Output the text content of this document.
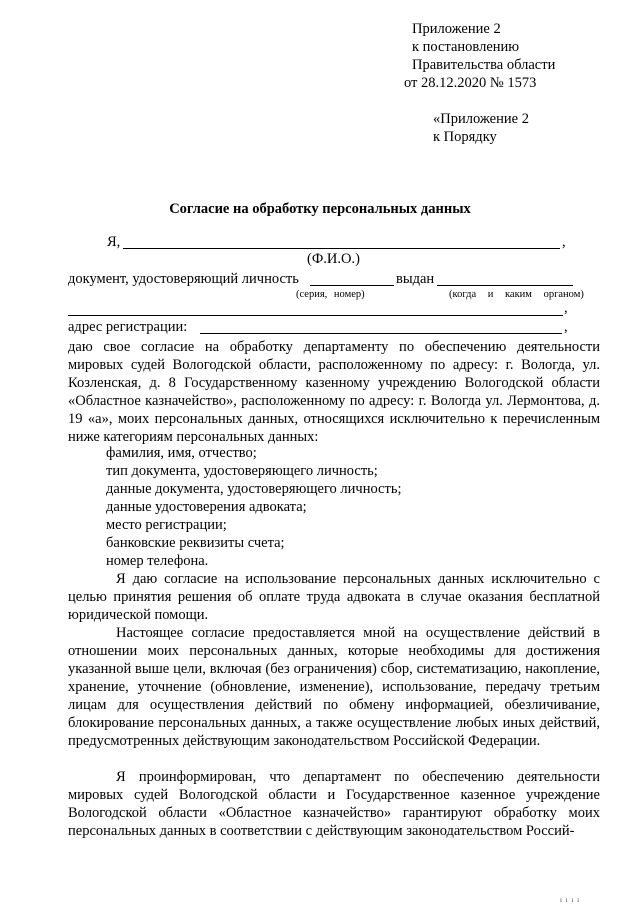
Приложение 2
к постановлению
Правительства области
от 28.12.2020 № 1573
«Приложение 2
к Порядку
Согласие на обработку персональных данных
Я,	,
(Ф.И.О.)
документ, удостоверяющий личность	выдан
(серия, номер)	(когда и каким органом)
,
адрес регистрации:	,

даю свое согласие на обработку департаменту по обеспечению деятельности мировых судей Вологодской области, расположенному по адресу: г. Вологда, ул. Козленская, д. 8 Государственному казенному учреждению Вологодской области «Областное казначейство», расположенному по адресу: г. Вологда ул. Лермонтова, д. 19 «а», моих персональных данных, относящихся исключительно к перечисленным ниже категориям персональных данных:

фамилия, имя, отчество;
тип документа, удостоверяющего личность;
данные документа, удостоверяющего личность;
данные удостоверения адвоката;
место регистрации;
банковские реквизиты счета;
номер телефона.

Я даю согласие на использование персональных данных исключительно с целью принятия решения об оплате труда адвоката в случае оказания бесплатной юридической помощи.

Настоящее согласие предоставляется мной на осуществление действий в отношении моих персональных данных, которые необходимы для достижения указанной выше цели, включая (без ограничения) сбор, систематизацию, накопление, хранение, уточнение (обновление, изменение), использование, передачу третьим лицам для осуществления действий по обмену информацией, обезличивание, блокирование персональных данных, а также осуществление любых иных действий, предусмотренных действующим законодательством Российской Федерации.

Я проинформирован, что департамент по обеспечению деятельности мировых судей Вологодской области и Государственное казенное учреждение Вологодской области «Областное казначейство» гарантируют обработку моих персональных данных в соответствии с действующим законодательством Россий-

ı ı ı ı
